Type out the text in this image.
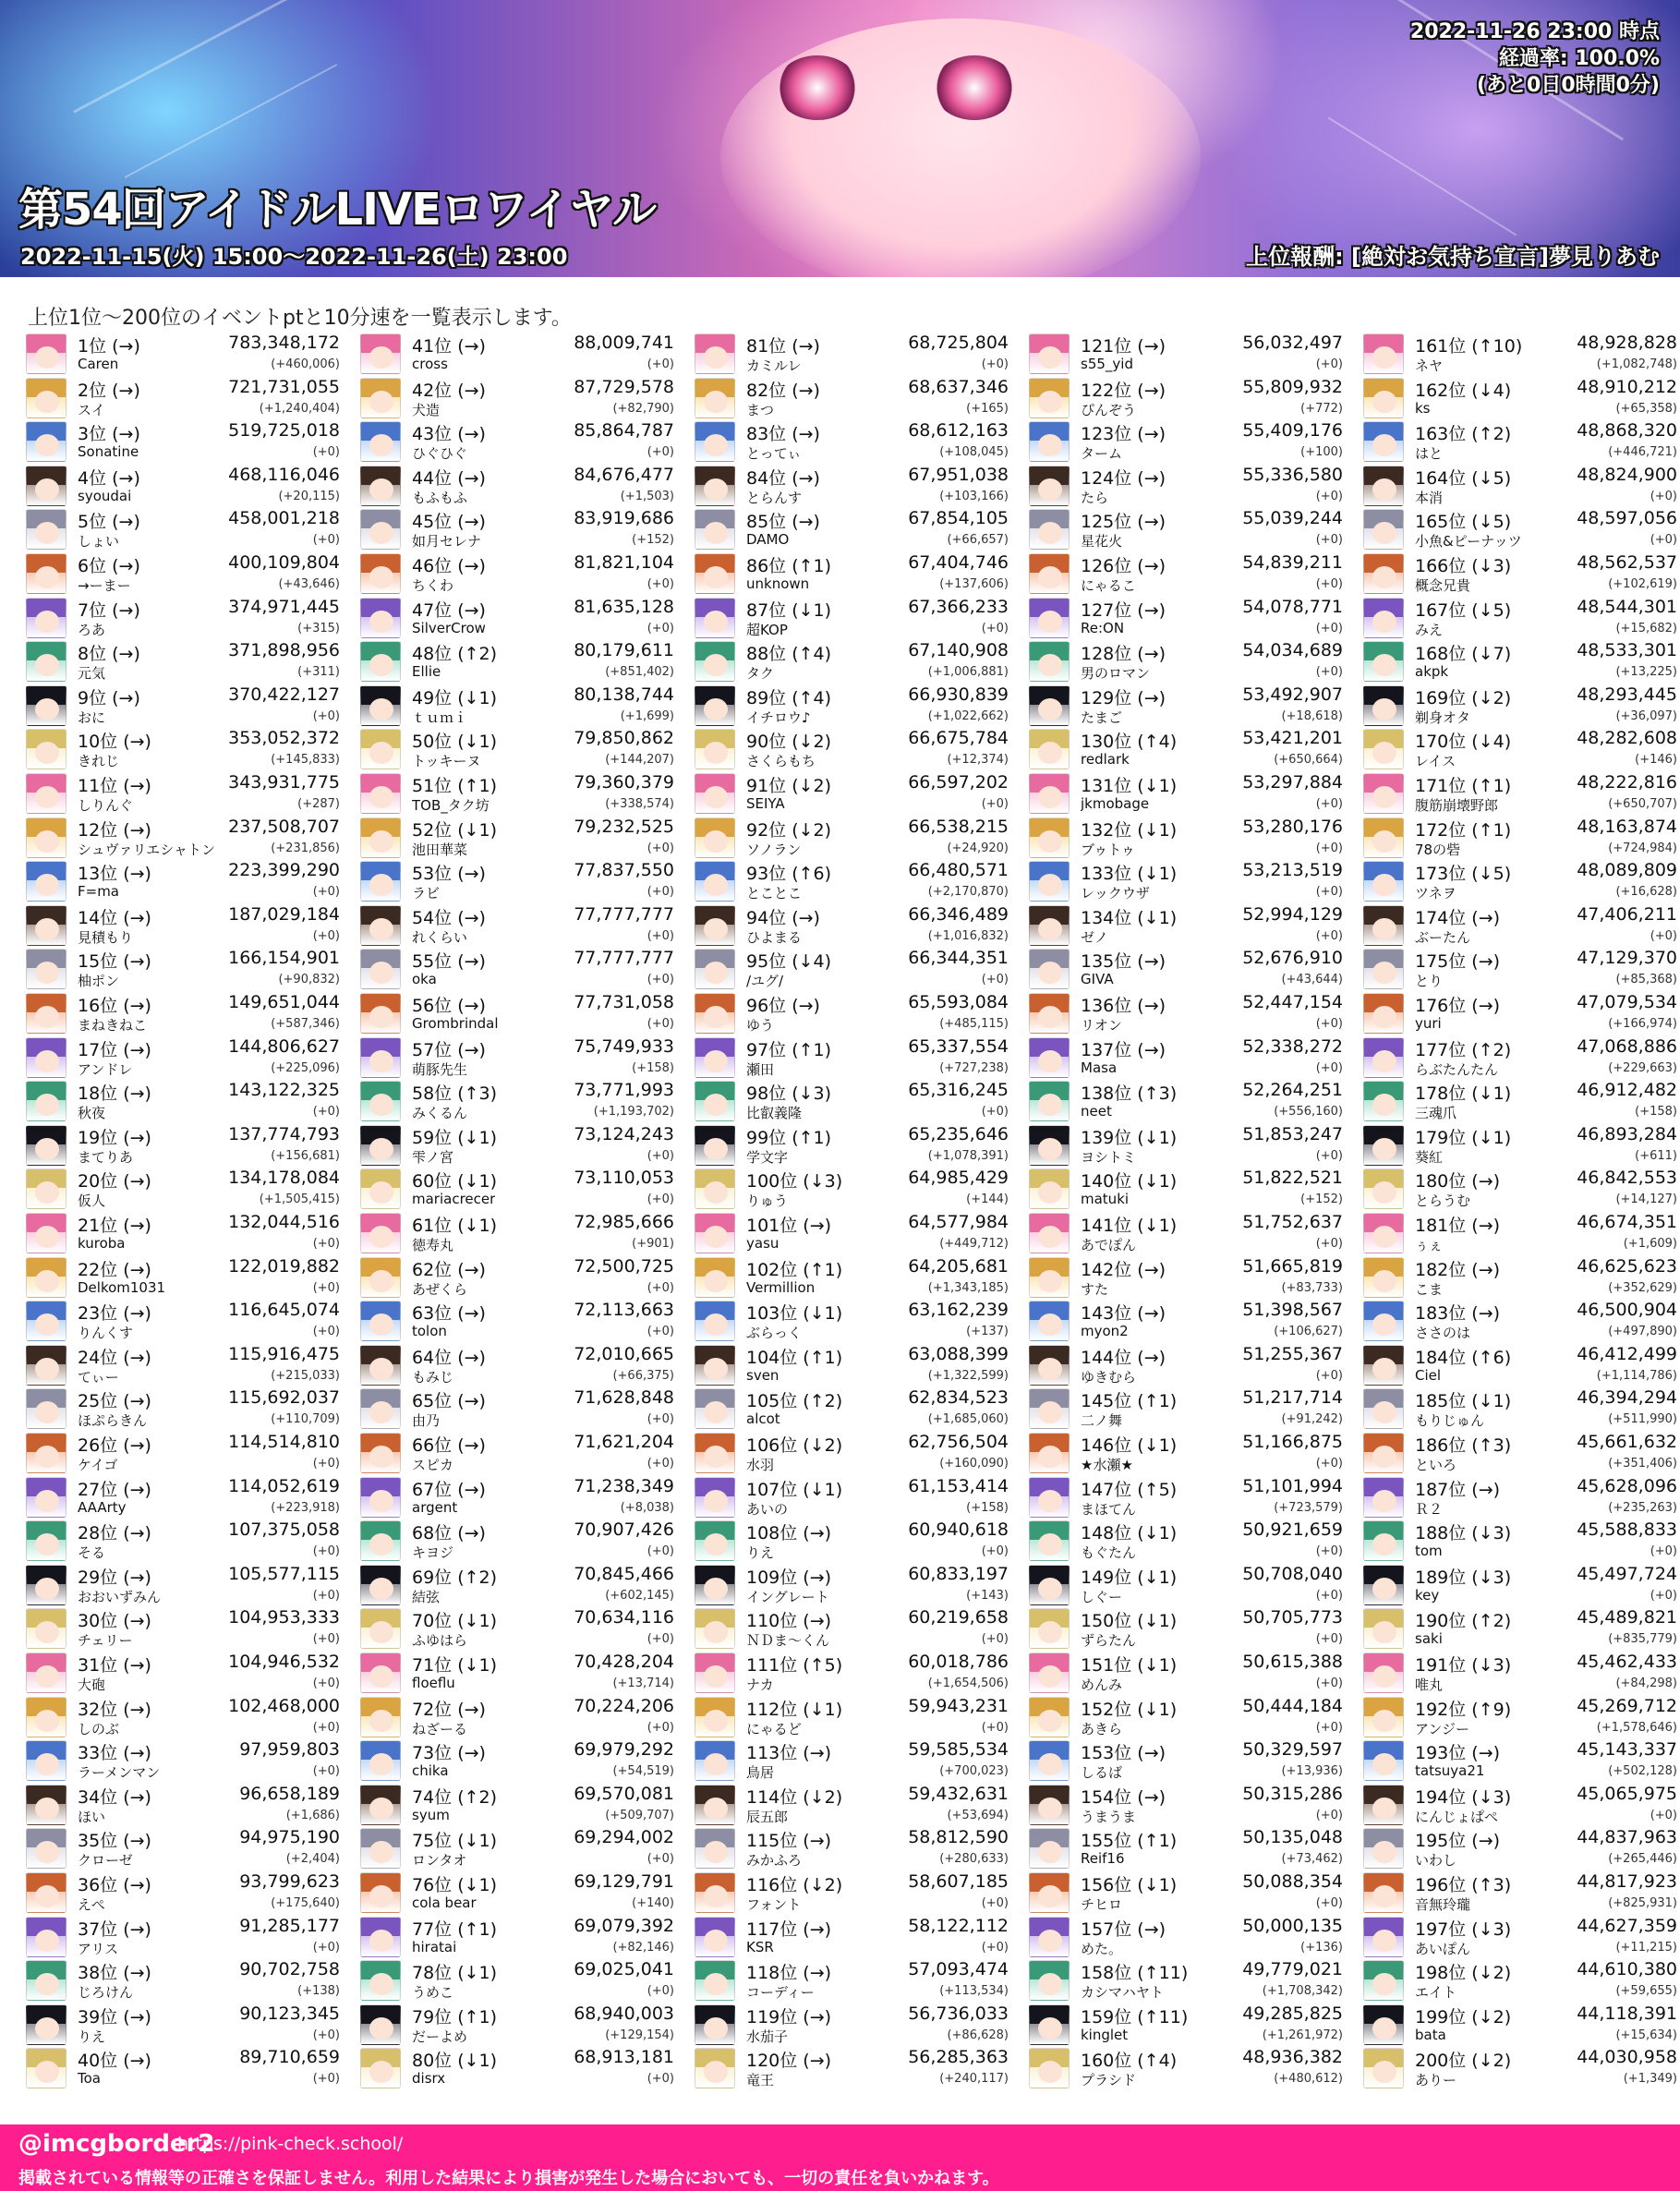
2022-11-26 23:00 時点
経過率: 100.0%
(あと0日0時間0分)
第54回アイドルLIVEロワイヤル
2022-11-15(火) 15:00〜2022-11-26(土) 23:00	上位報酬: [絶対お気持ち宣言]夢見りあむ
上位1位〜200位のイベントptと10分速を一覧表示します。
1位 (→)
Caren
783,348,172
(+460,006)
2位 (→)
スイ
721,731,055
(+1,240,404)
3位 (→)
Sonatine
519,725,018
(+0)
4位 (→)
syoudai
468,116,046
(+20,115)
5位 (→)
しょい
458,001,218
(+0)
6位 (→)
→ーまー
400,109,804
(+43,646)
7位 (→)
ろあ
374,971,445
(+315)
8位 (→)
元気
371,898,956
(+311)
9位 (→)
おに
370,422,127
(+0)
10位 (→)
きれじ
353,052,372
(+145,833)
11位 (→)
しりんぐ
343,931,775
(+287)
12位 (→)
シュヴァリエシャトン
237,508,707
(+231,856)
13位 (→)
F=ma
223,399,290
(+0)
14位 (→)
見積もり
187,029,184
(+0)
15位 (→)
柚ポン
166,154,901
(+90,832)
16位 (→)
まねきねこ
149,651,044
(+587,346)
17位 (→)
アンドレ
144,806,627
(+225,096)
18位 (→)
秋夜
143,122,325
(+0)
19位 (→)
まてりあ
137,774,793
(+156,681)
20位 (→)
仮人
134,178,084
(+1,505,415)
21位 (→)
kuroba
132,044,516
(+0)
22位 (→)
Delkom1031
122,019,882
(+0)
23位 (→)
りんくす
116,645,074
(+0)
24位 (→)
てぃー
115,916,475
(+215,033)
25位 (→)
ほぷらきん
115,692,037
(+110,709)
26位 (→)
ケイゴ
114,514,810
(+0)
27位 (→)
AAArty
114,052,619
(+223,918)
28位 (→)
そる
107,375,058
(+0)
29位 (→)
おおいずみん
105,577,115
(+0)
30位 (→)
チェリー
104,953,333
(+0)
31位 (→)
大砲
104,946,532
(+0)
32位 (→)
しのぶ
102,468,000
(+0)
33位 (→)
ラーメンマン
97,959,803
(+0)
34位 (→)
ほい
96,658,189
(+1,686)
35位 (→)
クローゼ
94,975,190
(+2,404)
36位 (→)
えぺ
93,799,623
(+175,640)
37位 (→)
アリス
91,285,177
(+0)
38位 (→)
じろけん
90,702,758
(+138)
39位 (→)
りえ
90,123,345
(+0)
40位 (→)
Toa
89,710,659
(+0)
41位 (→)
cross
88,009,741
(+0)
42位 (→)
犬造
87,729,578
(+82,790)
43位 (→)
ひぐひぐ
85,864,787
(+0)
44位 (→)
もふもふ
84,676,477
(+1,503)
45位 (→)
如月セレナ
83,919,686
(+152)
46位 (→)
ちくわ
81,821,104
(+0)
47位 (→)
SilverCrow
81,635,128
(+0)
48位 (↑2)
Ellie
80,179,611
(+851,402)
49位 (↓1)
ｔｕｍｉ
80,138,744
(+1,699)
50位 (↓1)
トッキーヌ
79,850,862
(+144,207)
51位 (↑1)
TOB_タク坊
79,360,379
(+338,574)
52位 (↓1)
池田華菜
79,232,525
(+0)
53位 (→)
ラビ
77,837,550
(+0)
54位 (→)
れくらい
77,777,777
(+0)
55位 (→)
oka
77,777,777
(+0)
56位 (→)
Grombrindal
77,731,058
(+0)
57位 (→)
萌豚先生
75,749,933
(+158)
58位 (↑3)
みくるん
73,771,993
(+1,193,702)
59位 (↓1)
雫ノ宮
73,124,243
(+0)
60位 (↓1)
mariacrecer
73,110,053
(+0)
61位 (↓1)
徳寿丸
72,985,666
(+901)
62位 (→)
あぜくら
72,500,725
(+0)
63位 (→)
tolon
72,113,663
(+0)
64位 (→)
もみじ
72,010,665
(+66,375)
65位 (→)
由乃
71,628,848
(+0)
66位 (→)
スピカ
71,621,204
(+0)
67位 (→)
argent
71,238,349
(+8,038)
68位 (→)
キヨジ
70,907,426
(+0)
69位 (↑2)
結弦
70,845,466
(+602,145)
70位 (↓1)
ふゆはら
70,634,116
(+0)
71位 (↓1)
floeflu
70,428,204
(+13,714)
72位 (→)
ねざーる
70,224,206
(+0)
73位 (→)
chika
69,979,292
(+54,519)
74位 (↑2)
syum
69,570,081
(+509,707)
75位 (↓1)
ロンタオ
69,294,002
(+0)
76位 (↓1)
cola bear
69,129,791
(+140)
77位 (↑1)
hiratai
69,079,392
(+82,146)
78位 (↓1)
うめこ
69,025,041
(+0)
79位 (↑1)
だーよめ
68,940,003
(+129,154)
80位 (↓1)
disrx
68,913,181
(+0)
81位 (→)
カミルレ
68,725,804
(+0)
82位 (→)
まつ
68,637,346
(+165)
83位 (→)
とってぃ
68,612,163
(+108,045)
84位 (→)
とらんす
67,951,038
(+103,166)
85位 (→)
DAMO
67,854,105
(+66,657)
86位 (↑1)
unknown
67,404,746
(+137,606)
87位 (↓1)
超KOP
67,366,233
(+0)
88位 (↑4)
タク
67,140,908
(+1,006,881)
89位 (↑4)
イチロウ♪
66,930,839
(+1,022,662)
90位 (↓2)
さくらもち
66,675,784
(+12,374)
91位 (↓2)
SEIYA
66,597,202
(+0)
92位 (↓2)
ソノラン
66,538,215
(+24,920)
93位 (↑6)
とことこ
66,480,571
(+2,170,870)
94位 (→)
ひよまる
66,346,489
(+1,016,832)
95位 (↓4)
/ユグ/
66,344,351
(+0)
96位 (→)
ゆう
65,593,084
(+485,115)
97位 (↑1)
瀬田
65,337,554
(+727,238)
98位 (↓3)
比叡義隆
65,316,245
(+0)
99位 (↑1)
学文字
65,235,646
(+1,078,391)
100位 (↓3)
りゅう
64,985,429
(+144)
101位 (→)
yasu
64,577,984
(+449,712)
102位 (↑1)
Vermillion
64,205,681
(+1,343,185)
103位 (↓1)
ぶらっく
63,162,239
(+137)
104位 (↑1)
sven
63,088,399
(+1,322,599)
105位 (↑2)
alcot
62,834,523
(+1,685,060)
106位 (↓2)
水羽
62,756,504
(+160,090)
107位 (↓1)
あいの
61,153,414
(+158)
108位 (→)
りえ
60,940,618
(+0)
109位 (→)
イングレート
60,833,197
(+143)
110位 (→)
ＮＤま～くん
60,219,658
(+0)
111位 (↑5)
ナカ
60,018,786
(+1,654,506)
112位 (↓1)
にゃるど
59,943,231
(+0)
113位 (→)
鳥居
59,585,534
(+700,023)
114位 (↓2)
辰五郎
59,432,631
(+53,694)
115位 (→)
みかふろ
58,812,590
(+280,633)
116位 (↓2)
フォント
58,607,185
(+0)
117位 (→)
KSR
58,122,112
(+0)
118位 (→)
コーディー
57,093,474
(+113,534)
119位 (→)
水茄子
56,736,033
(+86,628)
120位 (→)
竜王
56,285,363
(+240,117)
121位 (→)
s55_yid
56,032,497
(+0)
122位 (→)
ぴんぞう
55,809,932
(+772)
123位 (→)
ターム
55,409,176
(+100)
124位 (→)
たら
55,336,580
(+0)
125位 (→)
星花火
55,039,244
(+0)
126位 (→)
にゃるこ
54,839,211
(+0)
127位 (→)
Re:ON
54,078,771
(+0)
128位 (→)
男のロマン
54,034,689
(+0)
129位 (→)
たまご
53,492,907
(+18,618)
130位 (↑4)
redlark
53,421,201
(+650,664)
131位 (↓1)
jkmobage
53,297,884
(+0)
132位 (↓1)
ブゥトゥ
53,280,176
(+0)
133位 (↓1)
レックウザ
53,213,519
(+0)
134位 (↓1)
ゼノ
52,994,129
(+0)
135位 (→)
GIVA
52,676,910
(+43,644)
136位 (→)
リオン
52,447,154
(+0)
137位 (→)
Masa
52,338,272
(+0)
138位 (↑3)
neet
52,264,251
(+556,160)
139位 (↓1)
ヨシトミ
51,853,247
(+0)
140位 (↓1)
matuki
51,822,521
(+152)
141位 (↓1)
あでぽん
51,752,637
(+0)
142位 (→)
すた
51,665,819
(+83,733)
143位 (→)
myon2
51,398,567
(+106,627)
144位 (→)
ゆきむら
51,255,367
(+0)
145位 (↑1)
二ノ舞
51,217,714
(+91,242)
146位 (↓1)
★水瀬★
51,166,875
(+0)
147位 (↑5)
まほてん
51,101,994
(+723,579)
148位 (↓1)
もぐたん
50,921,659
(+0)
149位 (↓1)
しぐー
50,708,040
(+0)
150位 (↓1)
ずらたん
50,705,773
(+0)
151位 (↓1)
めんみ
50,615,388
(+0)
152位 (↓1)
あきら
50,444,184
(+0)
153位 (→)
しるば
50,329,597
(+13,936)
154位 (→)
うまうま
50,315,286
(+0)
155位 (↑1)
Reif16
50,135,048
(+73,462)
156位 (↓1)
チヒロ
50,088,354
(+0)
157位 (→)
めた。
50,000,135
(+136)
158位 (↑11)
カシマハヤト
49,779,021
(+1,708,342)
159位 (↑11)
kinglet
49,285,825
(+1,261,972)
160位 (↑4)
プラシド
48,936,382
(+480,612)
161位 (↑10)
ネヤ
48,928,828
(+1,082,748)
162位 (↓4)
ks
48,910,212
(+65,358)
163位 (↑2)
はと
48,868,320
(+446,721)
164位 (↓5)
本消
48,824,900
(+0)
165位 (↓5)
小魚&ピーナッツ
48,597,056
(+0)
166位 (↓3)
概念兄貴
48,562,537
(+102,619)
167位 (↓5)
みえ
48,544,301
(+15,682)
168位 (↓7)
akpk
48,533,301
(+13,225)
169位 (↓2)
剃身オタ
48,293,445
(+36,097)
170位 (↓4)
レイス
48,282,608
(+146)
171位 (↑1)
腹筋崩壊野郎
48,222,816
(+650,707)
172位 (↑1)
78の砦
48,163,874
(+724,984)
173位 (↓5)
ツネヲ
48,089,809
(+16,628)
174位 (→)
ぶーたん
47,406,211
(+0)
175位 (→)
とり
47,129,370
(+85,368)
176位 (→)
yuri
47,079,534
(+166,974)
177位 (↑2)
らぶたんたん
47,068,886
(+229,663)
178位 (↓1)
三魂爪
46,912,482
(+158)
179位 (↓1)
葵紅
46,893,284
(+611)
180位 (→)
とらうむ
46,842,553
(+14,127)
181位 (→)
ぅぇ
46,674,351
(+1,609)
182位 (→)
こま
46,625,623
(+352,629)
183位 (→)
ささのは
46,500,904
(+497,890)
184位 (↑6)
Ciel
46,412,499
(+1,114,786)
185位 (↓1)
もりじゅん
46,394,294
(+511,990)
186位 (↑3)
といろ
45,661,632
(+351,406)
187位 (→)
Ｒ２
45,628,096
(+235,263)
188位 (↓3)
tom
45,588,833
(+0)
189位 (↓3)
key
45,497,724
(+0)
190位 (↑2)
saki
45,489,821
(+835,779)
191位 (↓3)
唯丸
45,462,433
(+84,298)
192位 (↑9)
アンジー
45,269,712
(+1,578,646)
193位 (→)
tatsuya21
45,143,337
(+502,128)
194位 (↓3)
にんじょぱぺ
45,065,975
(+0)
195位 (→)
いわし
44,837,963
(+265,446)
196位 (↑3)
音無玲瓏
44,817,923
(+825,931)
197位 (↓3)
あいぽん
44,627,359
(+11,215)
198位 (↓2)
エイト
44,610,380
(+59,655)
199位 (↓2)
bata
44,118,391
(+15,634)
200位 (↓2)
ありー
44,030,958
(+1,349)
@imcgborder2
https://pink-check.school/
掲載されている情報等の正確さを保証しません。利用した結果により損害が発生した場合においても、一切の責任を負いかねます。
